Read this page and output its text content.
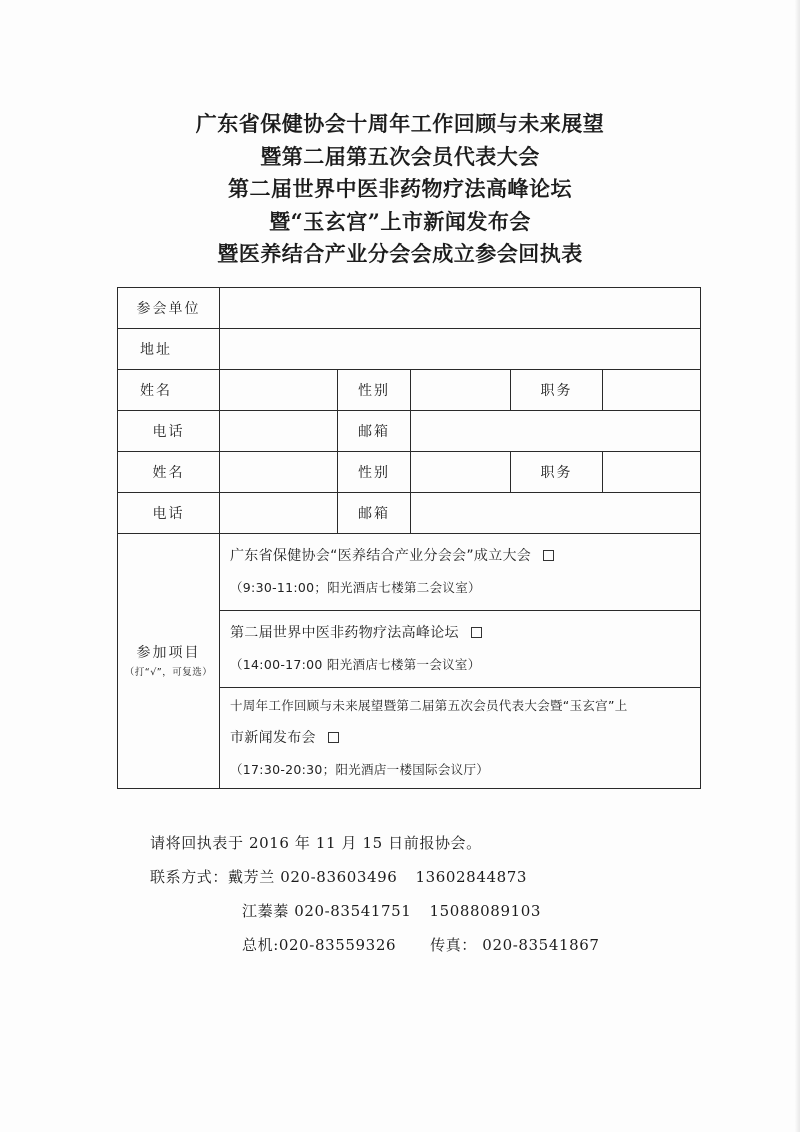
广东省保健协会十周年工作回顾与未来展望
暨第二届第五次会员代表大会
第二届世界中医非药物疗法高峰论坛
暨“玉玄宫”上市新闻发布会
暨医养结合产业分会会成立参会回执表
参会单位					
地址					
姓名		性别		职务	
电话		邮箱			
姓名		性别		职务	
电话		邮箱			

参加项目
（打“√”，可复选）	广东省保健协会“医养结合产业分会会”成立大会
（9:30-11:00；阳光酒店七楼第二会议室）				

	第二届世界中医非药物疗法高峰论坛
（14:00-17:00 阳光酒店七楼第一会议室）				

	十周年工作回顾与未来展望暨第二届第五次会员代表大会暨“玉玄宫”上
市新闻发布会
（17:30-20:30；阳光酒店一楼国际会议厅）				
请将回执表于 2016 年 11 月 15 日前报协会。
联系方式：戴芳兰 020-83603496 13602844873
江蓁蓁 020-83541751 15088089103
总机:020-83559326 传真： 020-83541867
